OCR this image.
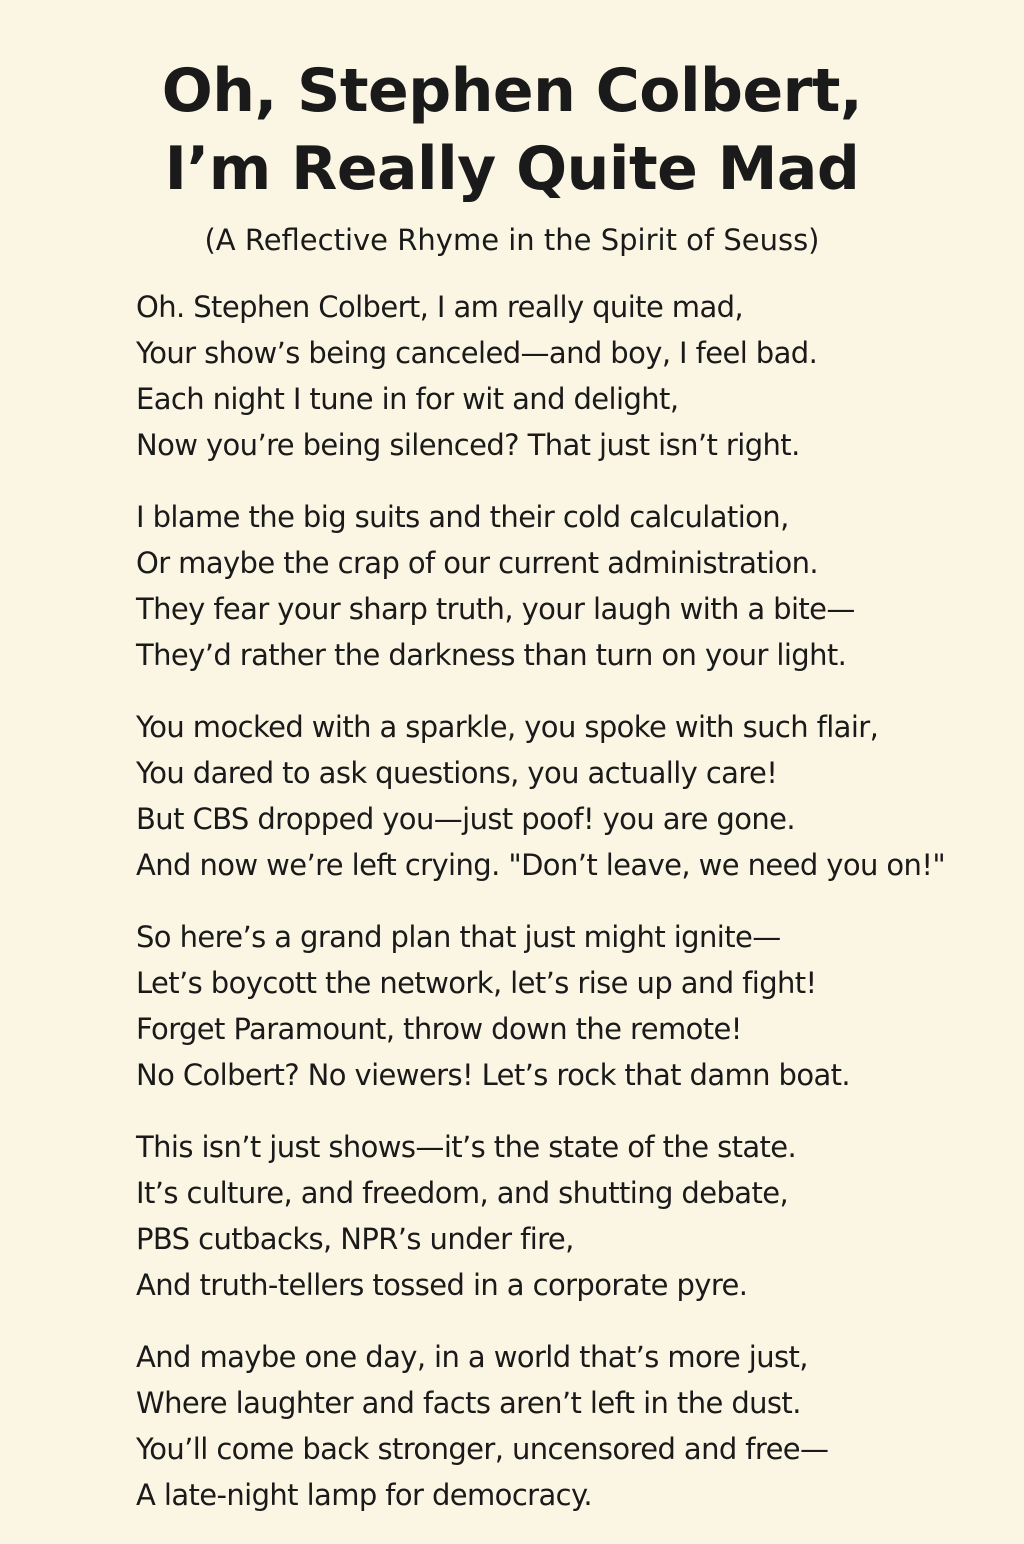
Oh, Stephen Colbert,
I’m Really Quite Mad

(A Reflective Rhyme in the Spirit of Seuss)

Oh. Stephen Colbert, I am really quite mad,
Your show’s being canceled—and boy, I feel bad.
Each night I tune in for wit and delight,
Now you’re being silenced? That just isn’t right.

I blame the big suits and their cold calculation,
Or maybe the crap of our current administration.
They fear your sharp truth, your laugh with a bite—
They’d rather the darkness than turn on your light.

You mocked with a sparkle, you spoke with such flair,
You dared to ask questions, you actually care!
But CBS dropped you—just poof! you are gone.
And now we’re left crying. "Don’t leave, we need you on!"

So here’s a grand plan that just might ignite—
Let’s boycott the network, let’s rise up and fight!
Forget Paramount, throw down the remote!
No Colbert? No viewers! Let’s rock that damn boat.

This isn’t just shows—it’s the state of the state.
It’s culture, and freedom, and shutting debate,
PBS cutbacks, NPR’s under fire,
And truth-tellers tossed in a corporate pyre.

And maybe one day, in a world that’s more just,
Where laughter and facts aren’t left in the dust.
You’ll come back stronger, uncensored and free—
A late-night lamp for democracy.
